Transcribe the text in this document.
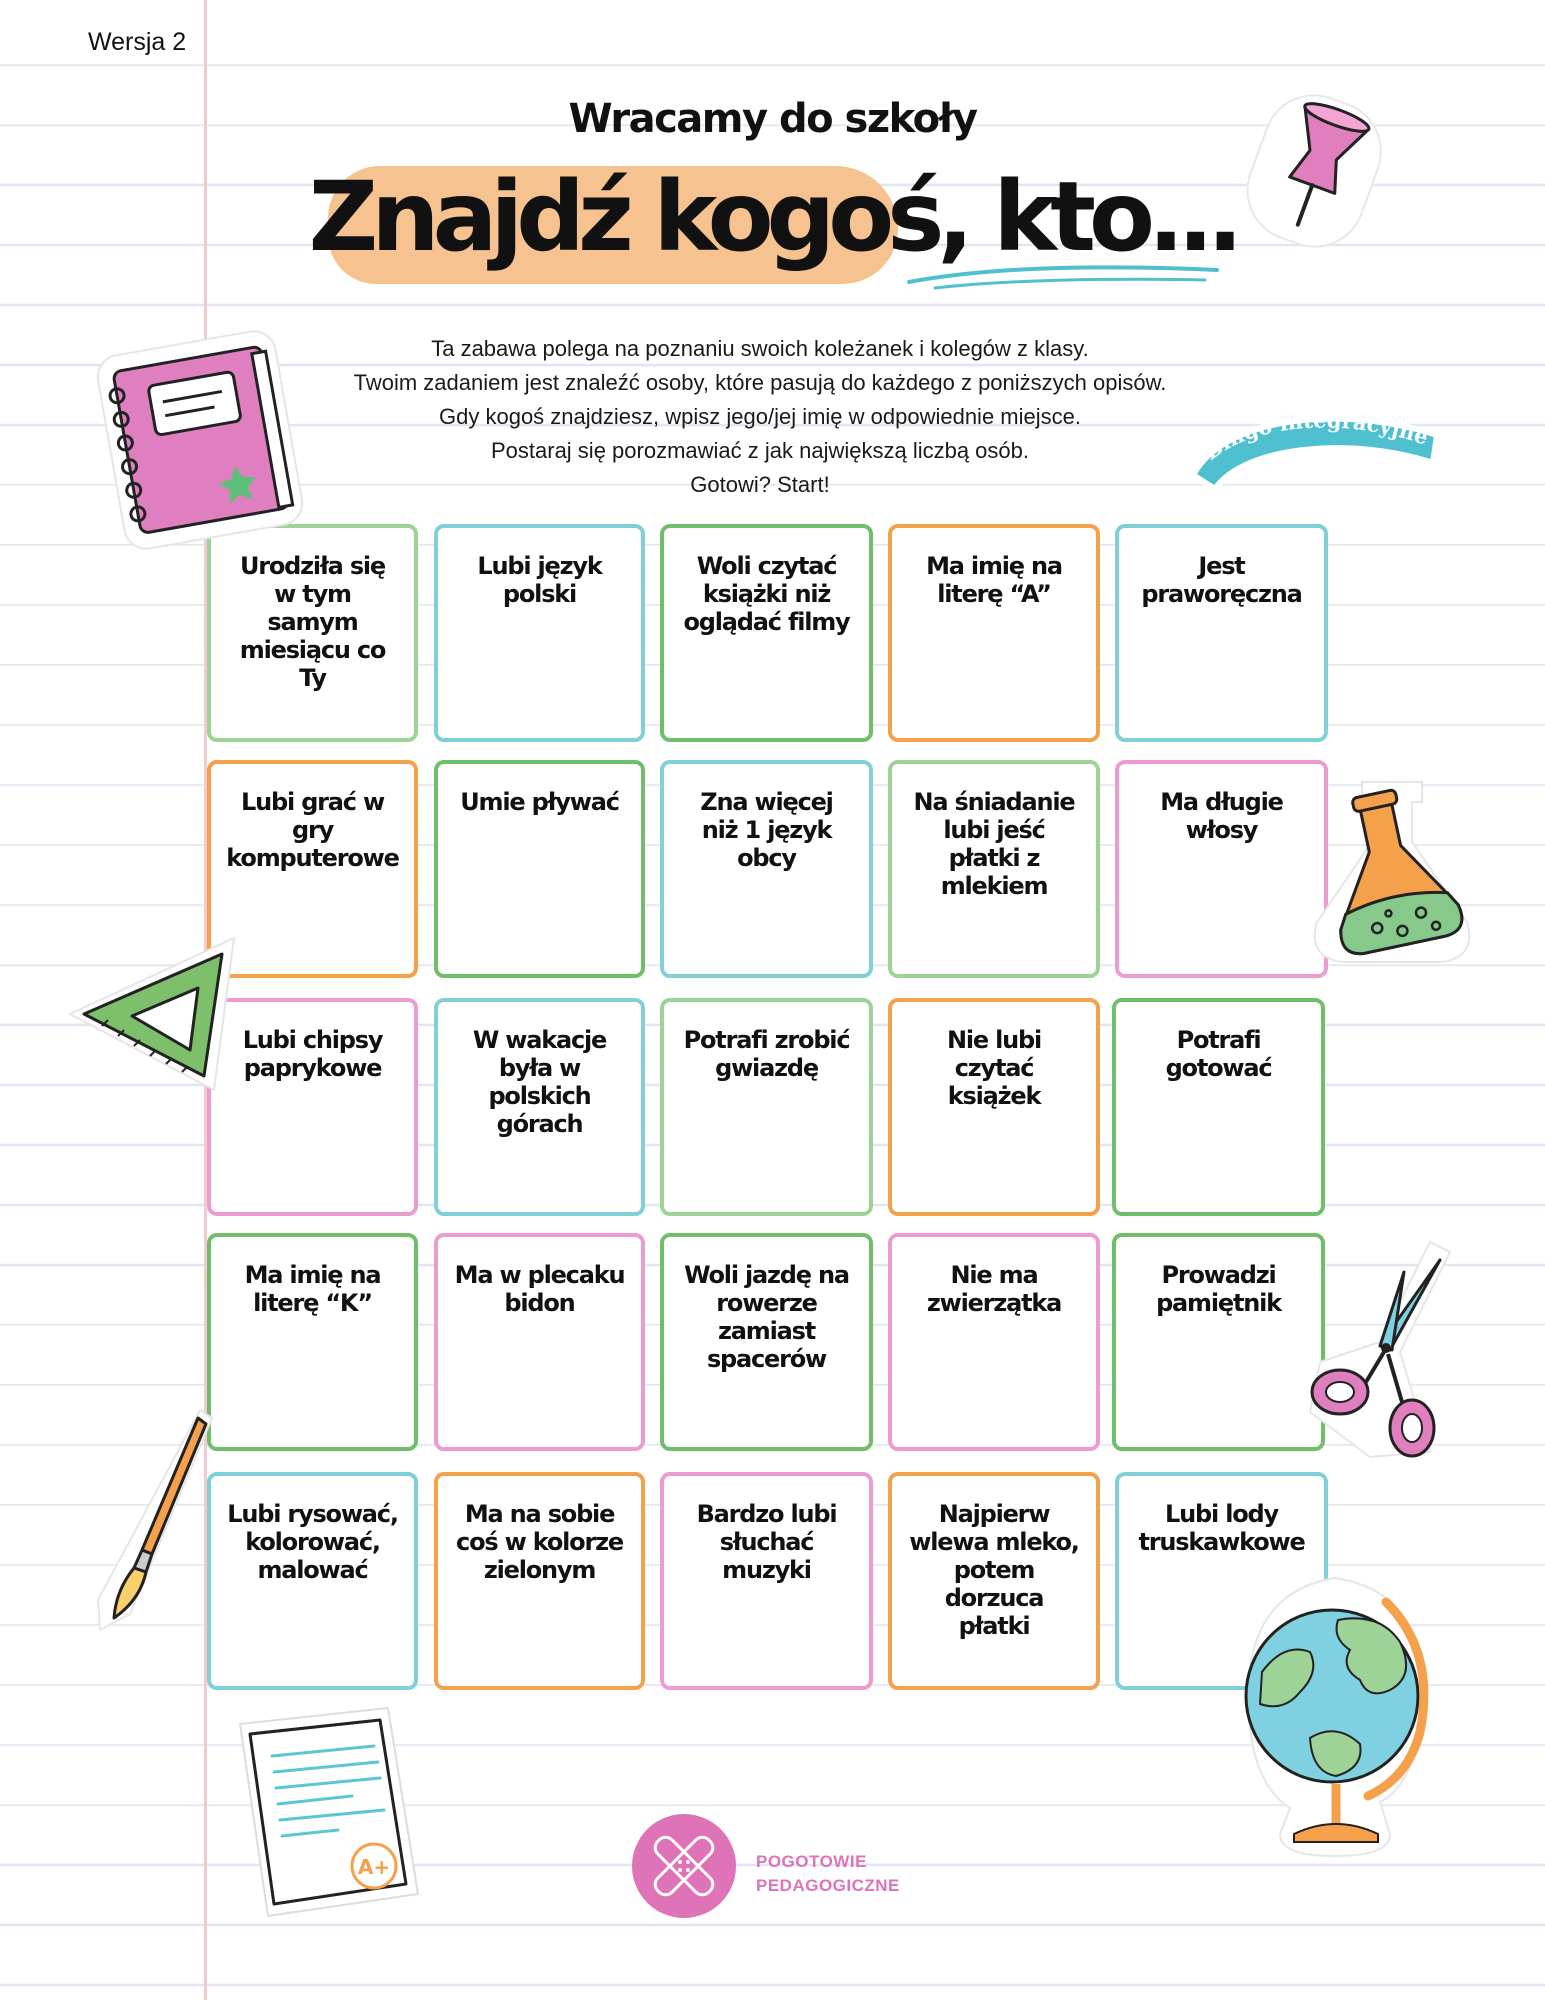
Wersja 2
Wracamy do szkoły
Znajdź kogoś, kto...

Ta zabawa polega na poznaniu swoich koleżanek i kolegów z klasy.

Twoim zadaniem jest znaleźć osoby, które pasują do każdego z poniższych opisów.

Gdy kogoś znajdziesz, wpisz jego/jej imię w odpowiednie miejsce.

Postaraj się porozmawiać z jak największą liczbą osób.

Gotowi? Start!

Bingo integracyjne
Urodziła się w tym samym miesiącu co Ty
Lubi język polski
Woli czytać książki niż oglądać filmy
Ma imię na literę “A”
Jest praworęczna
Lubi grać w gry komputerowe
Umie pływać	Zna więcej niż 1 język obcy
Na śniadanie lubi jeść płatki z mlekiem
Ma długie włosy
Lubi chipsy paprykowe
W wakacje była w polskich górach
Potrafi zrobić gwiazdę
Nie lubi czytać książek
Potrafi gotować
Ma imię na literę “K”
Ma w plecaku bidon
Woli jazdę na rowerze zamiast spacerów
Nie ma zwierzątka
Prowadzi pamiętnik
Lubi rysować, kolorować, malować
Ma na sobie coś w kolorze zielonym
Bardzo lubi słuchać muzyki
Najpierw wlewa mleko, potem dorzuca płatki
Lubi lody truskawkowe
A+	POGOTOWIE
PEDAGOGICZNE
